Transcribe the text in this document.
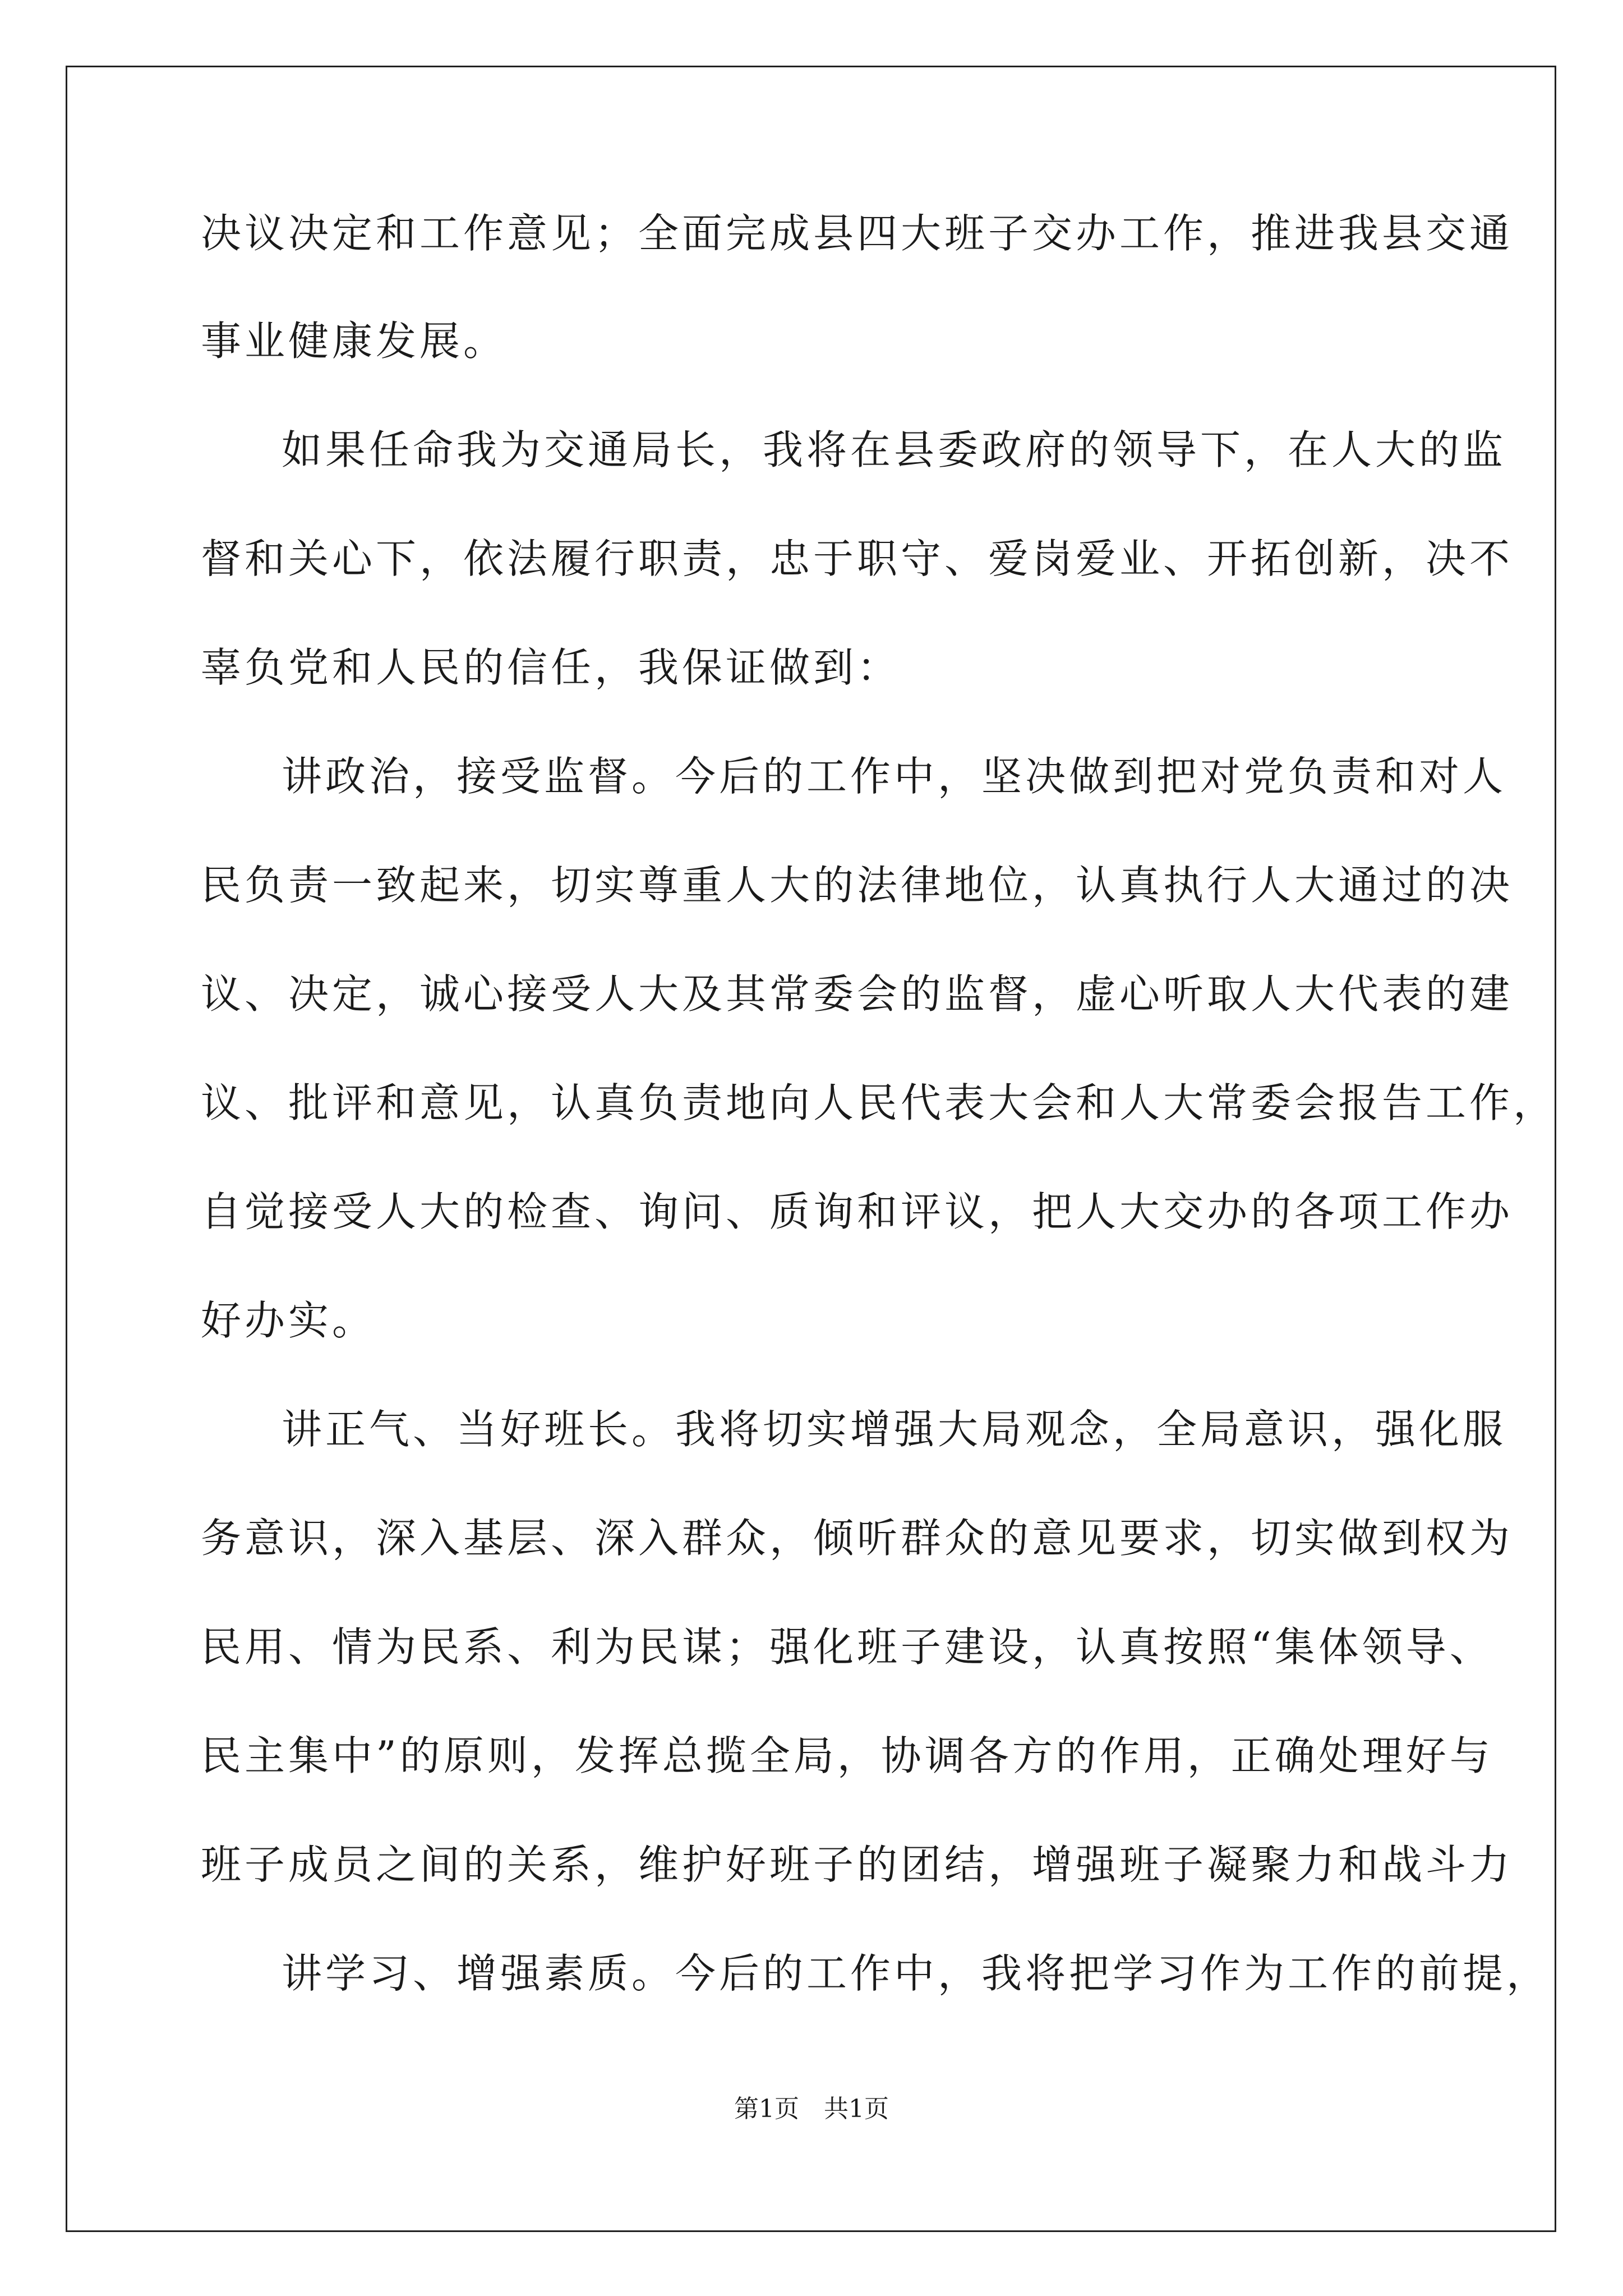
决议决定和工作意见；全面完成县四大班子交办工作，推进我县交通
事业健康发展。
如果任命我为交通局长，我将在县委政府的领导下，在人大的监
督和关心下，依法履行职责，忠于职守、爱岗爱业、开拓创新，决不
辜负党和人民的信任，我保证做到：
讲政治，接受监督。今后的工作中，坚决做到把对党负责和对人
民负责一致起来，切实尊重人大的法律地位，认真执行人大通过的决
议、决定，诚心接受人大及其常委会的监督，虚心听取人大代表的建
议、批评和意见，认真负责地向人民代表大会和人大常委会报告工作，
自觉接受人大的检查、询问、质询和评议，把人大交办的各项工作办
好办实。
讲正气、当好班长。我将切实增强大局观念，全局意识，强化服
务意识，深入基层、深入群众，倾听群众的意见要求，切实做到权为
民用、情为民系、利为民谋；强化班子建设，认真按照“集体领导、
民主集中”的原则，发挥总揽全局，协调各方的作用，正确处理好与
班子成员之间的关系，维护好班子的团结，增强班子凝聚力和战斗力
讲学习、增强素质。今后的工作中，我将把学习作为工作的前提，
第1页　共1页
